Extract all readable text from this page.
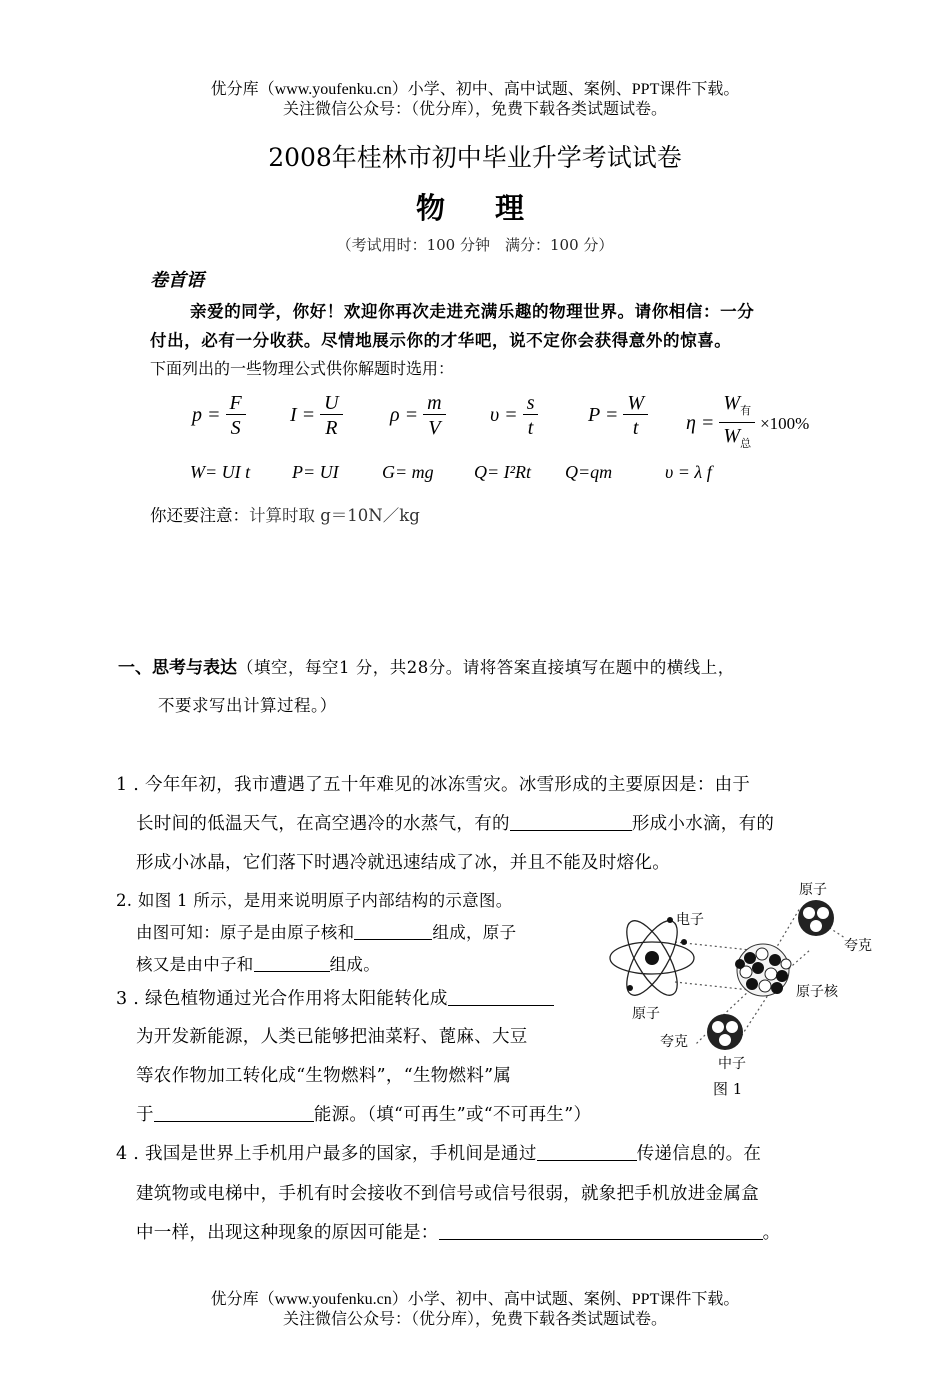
优分库（www.youfenku.cn）小学、初中、高中试题、案例、PPT课件下载。
关注微信公众号：（优分库），免费下载各类试题试卷。
2008年桂林市初中毕业升学考试试卷
物理
（考试用时：100 分钟　满分：100 分）
卷首语
亲爱的同学，你好！欢迎你再次走进充满乐趣的物理世界。请你相信：一分
付出，必有一分收获。尽情地展示你的才华吧，说不定你会获得意外的惊喜。
下面列出的一些物理公式供你解题时选用：
$p = \frac{F}{S}$ $I = \frac{U}{R}$ $\rho = \frac{m}{V}$ $\upsilon = \frac{s}{t}$ $P = \frac{W}{t}$ $\eta = \frac{W_有}{W_总} \times 100\%$
W= UI t P= UI G= mg Q= I²Rt Q=qm	υ = λ f
你还要注意：计算时取 g＝10N／kg
一、思考与表达（填空，每空1 分，共28分。请将答案直接填写在题中的横线上，
不要求写出计算过程。）
1 . 今年年初，我市遭遇了五十年难见的冰冻雪灾。冰雪形成的主要原因是：由于
长时间的低温天气，在高空遇冷的水蒸气，有的	形成小水滴，有的
形成小冰晶，它们落下时遇冷就迅速结成了冰，并且不能及时熔化。
2. 如图 1 所示，是用来说明原子内部结构的示意图。
由图可知：原子是由原子核和	组成，原子
核又是由中子和	组成。
3 . 绿色植物通过光合作用将太阳能转化成
为开发新能源，人类已能够把油菜籽、蓖麻、大豆
等农作物加工转化成“生物燃料”，“生物燃料”属
于	能源。（填“可再生”或“不可再生”）
4 . 我国是世界上手机用户最多的国家，手机间是通过	传递信息的。在
建筑物或电梯中，手机有时会接收不到信号或信号很弱，就象把手机放进金属盒
中一样，出现这种现象的原因可能是：	。
电子
原子
夸克
原子核
原子
夸克
中子
图 1
优分库（www.youfenku.cn）小学、初中、高中试题、案例、PPT课件下载。
关注微信公众号：（优分库），免费下载各类试题试卷。
